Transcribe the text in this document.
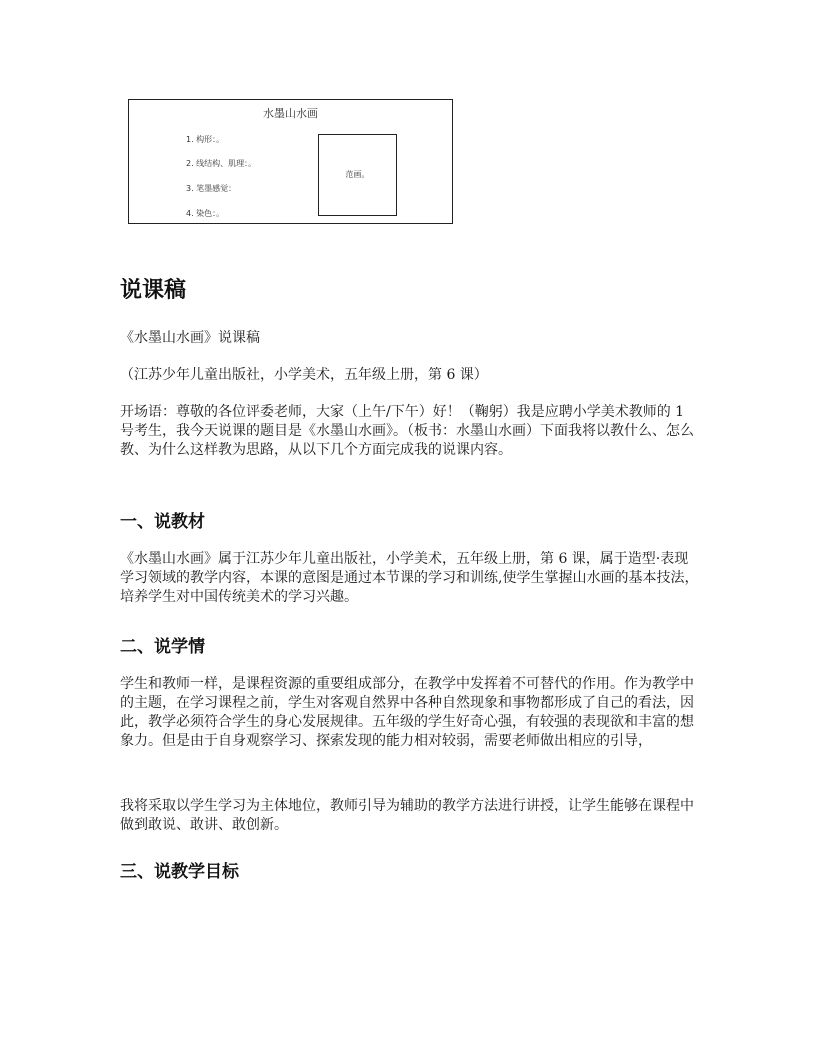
水墨山水画
1. 构形：。
2. 线结构、肌理：。
3. 笔墨感觉：
4. 染色：。
范画。
说课稿

《水墨山水画》说课稿

（江苏少年儿童出版社，小学美术，五年级上册，第 6 课）

开场语：尊敬的各位评委老师，大家（上午/下午）好！（鞠躬）我是应聘小学美术教师的 1 号考生，我今天说课的题目是《水墨山水画》。（板书：水墨山水画）下面我将以教什么、怎么教、为什么这样教为思路，从以下几个方面完成我的说课内容。

一、说教材

《水墨山水画》属于江苏少年儿童出版社，小学美术，五年级上册，第 6 课，属于造型·表现学习领域的教学内容，本课的意图是通过本节课的学习和训练,使学生掌握山水画的基本技法，培养学生对中国传统美术的学习兴趣。

二、说学情

学生和教师一样，是课程资源的重要组成部分，在教学中发挥着不可替代的作用。作为教学中的主题，在学习课程之前，学生对客观自然界中各种自然现象和事物都形成了自己的看法，因此，教学必须符合学生的身心发展规律。五年级的学生好奇心强，有较强的表现欲和丰富的想象力。但是由于自身观察学习、探索发现的能力相对较弱，需要老师做出相应的引导，

我将采取以学生学习为主体地位，教师引导为辅助的教学方法进行讲授，让学生能够在课程中做到敢说、敢讲、敢创新。

三、说教学目标
